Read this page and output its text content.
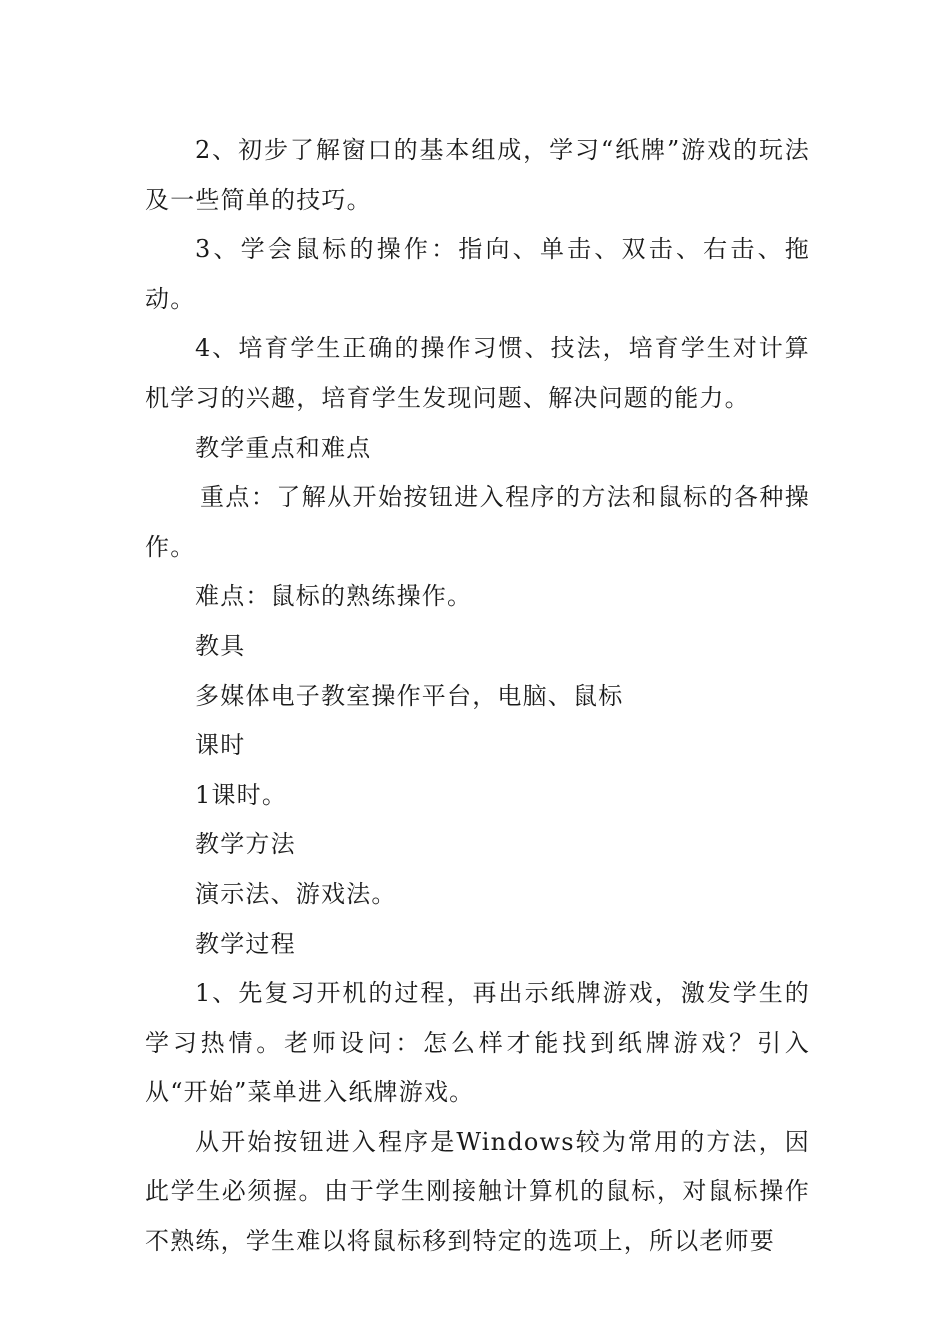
2、初步了解窗口的基本组成，学习“纸牌”游戏的玩法及一些简单的技巧。

3、学会鼠标的操作：指向、单击、双击、右击、拖动。

4、培育学生正确的操作习惯、技法，培育学生对计算机学习的兴趣，培育学生发现问题、解决问题的能力。

教学重点和难点

重点：了解从开始按钮进入程序的方法和鼠标的各种操作。

难点：鼠标的熟练操作。

教具

多媒体电子教室操作平台，电脑、鼠标

课时

1课时。

教学方法

演示法、游戏法。

教学过程

1、先复习开机的过程，再出示纸牌游戏，激发学生的学习热情。老师设问：怎么样才能找到纸牌游戏？引入从“开始”菜单进入纸牌游戏。

从开始按钮进入程序是Windows较为常用的方法，因此学生必须握。由于学生刚接触计算机的鼠标，对鼠标操作不熟练，学生难以将鼠标移到特定的选项上，所以老师要
